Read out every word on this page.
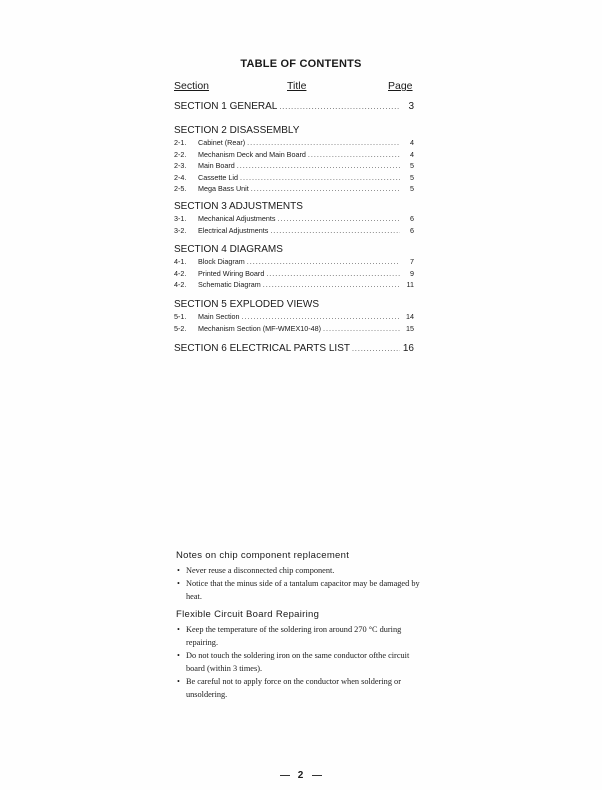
TABLE OF CONTENTS
Section	Title	Page
SECTION 1 GENERAL .....	3
SECTION 2 DISASSEMBLY
2-1.	Cabinet (Rear) .....	4
2-2.	Mechanism Deck and Main Board .....	4
2-3.	Main Board .....	5
2-4.	Cassette Lid .....	5
2-5.	Mega Bass Unit .....	5
SECTION 3 ADJUSTMENTS
3-1.	Mechanical Adjustments .....	6
3-2.	Electrical Adjustments .....	6
SECTION 4 DIAGRAMS
4-1.	Block Diagram .....	7
4-2.	Printed Wiring Board .....	9
4-2.	Schematic Diagram .....	11
SECTION 5 EXPLODED VIEWS
5-1.	Main Section .....	14
5-2.	Mechanism Section (MF-WMEX10-48) .....	15
SECTION 6 ELECTRICAL PARTS LIST .....	16
Notes on chip component replacement
• Never reuse a disconnected chip component.
• Notice that the minus side of a tantalum capacitor may be damaged by heat.
Flexible Circuit Board Repairing
• Keep the temperature of the soldering iron around 270 °C during repairing.
• Do not touch the soldering iron on the same conductor ofthe circuit board (within 3 times).
• Be careful not to apply force on the conductor when soldering or unsoldering.
2
